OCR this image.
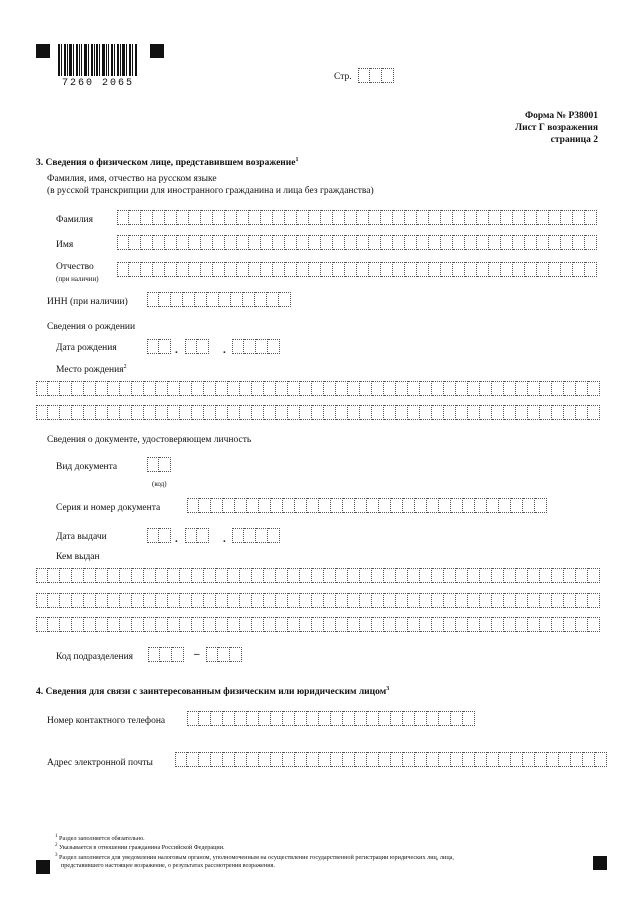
7260 2065
Стр.
Форма № Р38001
Лист Г возражения
страница 2
3. Сведения о физическом лице, представившем возражение$^1$
Фамилия, имя, отчество на русском языке
(в русской транскрипции для иностранного гражданина и лица без гражданства)
Фамилия
Имя
Отчество
(при наличии)
ИНН (при наличии)
Сведения о рождении
Дата рождения	.	.
Место рождения$^2$
Сведения о документе, удостоверяющем личность
Вид документа
(код)
Серия и номер документа
Дата выдачи	.	.
Кем выдан
Код подразделения	–
4. Сведения для связи с заинтересованным физическим или юридическим лицом$^3$
Номер контактного телефона
Адрес электронной почты
$^1$ Раздел заполняется обязательно.
$^2$ Указывается в отношении гражданина Российской Федерации.
$^3$ Раздел заполняется для уведомления налоговым органом, уполномоченным на осуществление государственной регистрации юридических лиц, лица,
представившего настоящее возражение, о результатах рассмотрения возражения.
